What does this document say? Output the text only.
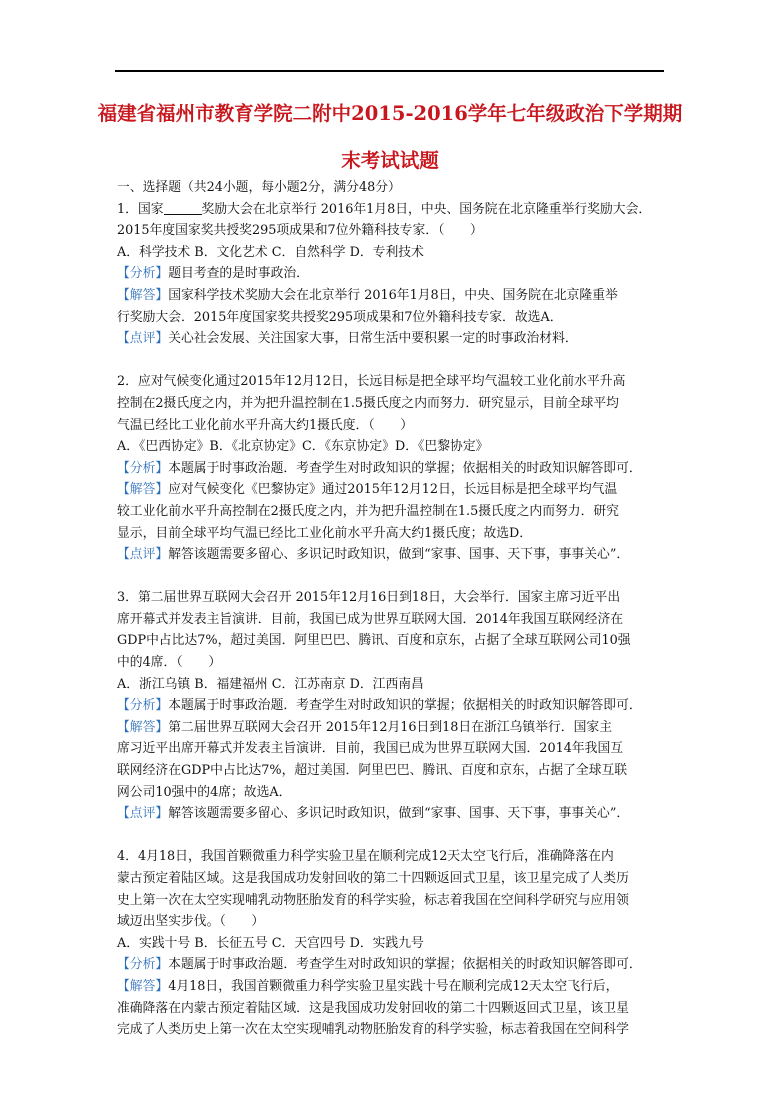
福建省福州市教育学院二附中2015-2016学年七年级政治下学期期
末考试试题

一、选择题（共24小题，每小题2分，满分48分）

1．国家	奖励大会在北京举行 2016年1月8日，中央、国务院在北京隆重举行奖励大会．

2015年度国家奖共授奖295项成果和7位外籍科技专家．（　　）

A．科学技术 B．文化艺术 C．自然科学 D．专利技术

【分析】题目考查的是时事政治．

【解答】国家科学技术奖励大会在北京举行 2016年1月8日，中央、国务院在北京隆重举

行奖励大会．2015年度国家奖共授奖295项成果和7位外籍科技专家．故选A．

【点评】关心社会发展、关注国家大事，日常生活中要积累一定的时事政治材料．

2．应对气候变化通过2015年12月12日，长远目标是把全球平均气温较工业化前水平升高

控制在2摄氏度之内，并为把升温控制在1.5摄氏度之内而努力．研究显示，目前全球平均

气温已经比工业化前水平升高大约1摄氏度．（　　）

A．《巴西协定》B．《北京协定》C．《东京协定》D．《巴黎协定》

【分析】本题属于时事政治题．考查学生对时政知识的掌握；依据相关的时政知识解答即可．

【解答】应对气候变化《巴黎协定》通过2015年12月12日，长远目标是把全球平均气温

较工业化前水平升高控制在2摄氏度之内，并为把升温控制在1.5摄氏度之内而努力．研究

显示，目前全球平均气温已经比工业化前水平升高大约1摄氏度；故选D．

【点评】解答该题需要多留心、多识记时政知识，做到“家事、国事、天下事，事事关心”．

3．第二届世界互联网大会召开 2015年12月16日到18日，大会举行．国家主席习近平出

席开幕式并发表主旨演讲．目前，我国已成为世界互联网大国．2014年我国互联网经济在

GDP中占比达7%，超过美国．阿里巴巴、腾讯、百度和京东，占据了全球互联网公司10强

中的4席．（　　）

A．浙江乌镇 B．福建福州 C．江苏南京 D．江西南昌

【分析】本题属于时事政治题．考查学生对时政知识的掌握；依据相关的时政知识解答即可．

【解答】第二届世界互联网大会召开 2015年12月16日到18日在浙江乌镇举行．国家主

席习近平出席开幕式并发表主旨演讲．目前，我国已成为世界互联网大国．2014年我国互

联网经济在GDP中占比达7%，超过美国．阿里巴巴、腾讯、百度和京东，占据了全球互联

网公司10强中的4席；故选A．

【点评】解答该题需要多留心、多识记时政知识，做到“家事、国事、天下事，事事关心”．

4．4月18日，我国首颗微重力科学实验卫星在顺利完成12天太空飞行后，准确降落在内

蒙古预定着陆区域。这是我国成功发射回收的第二十四颗返回式卫星，该卫星完成了人类历

史上第一次在太空实现哺乳动物胚胎发育的科学实验，标志着我国在空间科学研究与应用领

域迈出坚实步伐。（　　）

A．实践十号 B．长征五号 C．天宫四号 D．实践九号

【分析】本题属于时事政治题．考查学生对时政知识的掌握；依据相关的时政知识解答即可．

【解答】4月18日，我国首颗微重力科学实验卫星实践十号在顺利完成12天太空飞行后，

准确降落在内蒙古预定着陆区域．这是我国成功发射回收的第二十四颗返回式卫星，该卫星

完成了人类历史上第一次在太空实现哺乳动物胚胎发育的科学实验，标志着我国在空间科学
